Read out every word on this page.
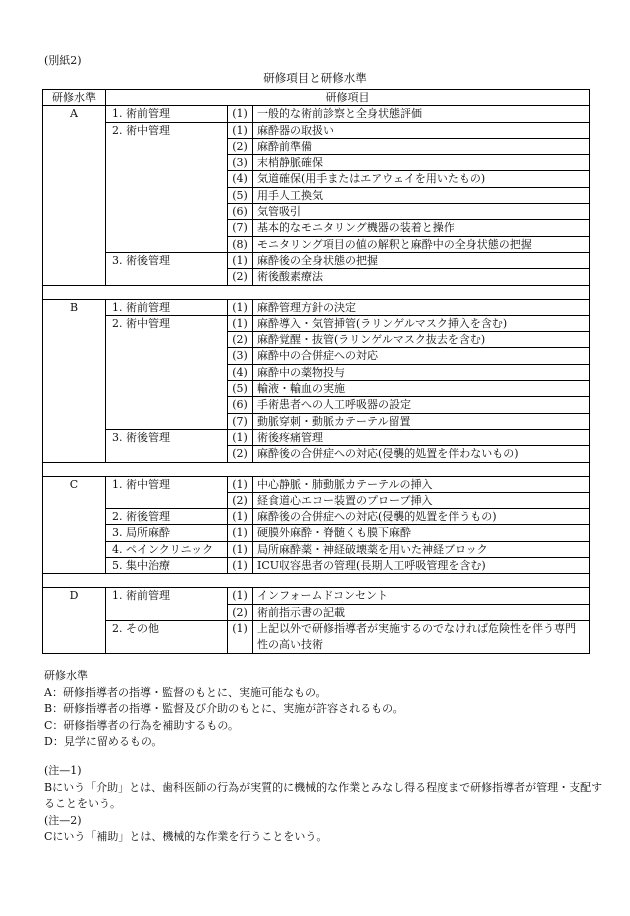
(別紙2)
研修項目と研修水準
研修水準	研修項目		
A	1. 術前管理	(1)	一般的な術前診察と全身状態評価
	2. 術中管理	(1)	麻酔器の取扱い
		(2)	麻酔前準備
		(3)	末梢静脈確保
		(4)	気道確保(用手またはエアウェイを用いたもの)
		(5)	用手人工換気
		(6)	気管吸引
		(7)	基本的なモニタリング機器の装着と操作
		(8)	モニタリング項目の値の解釈と麻酔中の全身状態の把握
	3. 術後管理	(1)	麻酔後の全身状態の把握
		(2)	術後酸素療法

B	1. 術前管理	(1)	麻酔管理方針の決定
	2. 術中管理	(1)	麻酔導入・気管挿管(ラリンゲルマスク挿入を含む)
		(2)	麻酔覚醒・抜管(ラリンゲルマスク抜去を含む)
		(3)	麻酔中の合併症への対応
		(4)	麻酔中の薬物投与
		(5)	輸液・輸血の実施
		(6)	手術患者への人工呼吸器の設定
		(7)	動脈穿刺・動脈カテーテル留置
	3. 術後管理	(1)	術後疼痛管理
		(2)	麻酔後の合併症への対応(侵襲的処置を伴わないもの)

C	1. 術中管理	(1)	中心静脈・肺動脈カテーテルの挿入
		(2)	経食道心エコー装置のプローブ挿入
	2. 術後管理	(1)	麻酔後の合併症への対応(侵襲的処置を伴うもの)
	3. 局所麻酔	(1)	硬膜外麻酔・脊髄くも膜下麻酔
	4. ペインクリニック	(1)	局所麻酔薬・神経破壊薬を用いた神経ブロック
	5. 集中治療	(1)	ICU収容患者の管理(長期人工呼吸管理を含む)

D	1. 術前管理	(1)	インフォームドコンセント
		(2)	術前指示書の記載
	2. その他	(1)	上記以外で研修指導者が実施するのでなければ危険性を伴う専門性の高い技術
研修水準
A：研修指導者の指導・監督のもとに、実施可能なもの。
B：研修指導者の指導・監督及び介助のもとに、実施が許容されるもの。
C：研修指導者の行為を補助するもの。
D：見学に留めるもの。
(注—1)
Bにいう「介助」とは、歯科医師の行為が実質的に機械的な作業とみなし得る程度まで研修指導者が管理・支配することをいう。
(注—2)
Cにいう「補助」とは、機械的な作業を行うことをいう。
